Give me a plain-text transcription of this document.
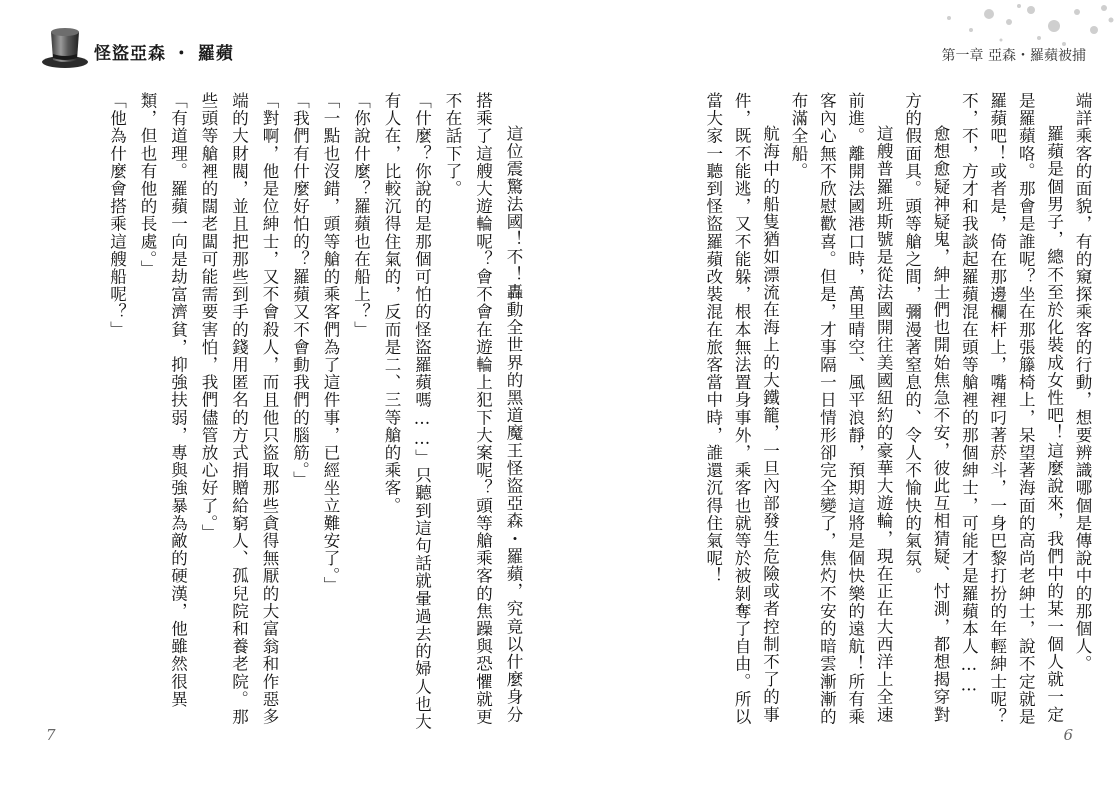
怪盜亞森 ・ 羅蘋

這位震驚法國！不！轟動全世界的黑道魔王怪盜亞森・羅蘋，究竟以什麼身分搭乘了這艘大遊輪呢？會不會在遊輪上犯下大案呢？頭等艙乘客的焦躁與恐懼就更不在話下了。

「什麼？你說的是那個可怕的怪盜羅蘋嗎……」只聽到這句話就暈過去的婦人也大有人在，比較沉得住氣的，反而是二、三等艙的乘客。

「你說什麼？羅蘋也在船上？」

「一點也沒錯，頭等艙的乘客們為了這件事，已經坐立難安了。」

「我們有什麼好怕的？羅蘋又不會動我們的腦筋。」

「對啊，他是位紳士，又不會殺人，而且他只盜取那些貪得無厭的大富翁和作惡多端的大財閥，並且把那些到手的錢用匿名的方式捐贈給窮人、孤兒院和養老院。那些頭等艙裡的闊老闆可能需要害怕，我們儘管放心好了。」

「有道理。羅蘋一向是劫富濟貧，抑強扶弱，專與強暴為敵的硬漢，他雖然很異類，但也有他的長處。」

「他為什麼會搭乘這艘船呢？」

7
第一章 亞森・羅蘋被捕

端詳乘客的面貌，有的窺探乘客的行動，想要辨識哪個是傳說中的那個人。

羅蘋是個男子，總不至於化裝成女性吧！這麼說來，我們中的某一個人就一定是羅蘋咯。那會是誰呢？坐在那張籐椅上，呆望著海面的高尚老紳士，說不定就是羅蘋吧！或者是，倚在那邊欄杆上，嘴裡叼著菸斗，一身巴黎打扮的年輕紳士呢？不，不，方才和我談起羅蘋混在頭等艙裡的那個紳士，可能才是羅蘋本人……

愈想愈疑神疑鬼，紳士們也開始焦急不安，彼此互相猜疑、忖測，都想揭穿對方的假面具。頭等艙之間，彌漫著窒息的、令人不愉快的氣氛。

這艘普羅班斯號是從法國開往美國紐約的豪華大遊輪，現在正在大西洋上全速前進。離開法國港口時，萬里晴空、風平浪靜，預期這將是個快樂的遠航！所有乘客內心無不欣慰歡喜。但是，才事隔一日情形卻完全變了，焦灼不安的暗雲漸漸的布滿全船。

航海中的船隻猶如漂流在海上的大鐵籠，一旦內部發生危險或者控制不了的事件，既不能逃，又不能躲，根本無法置身事外，乘客也就等於被剝奪了自由。所以當大家一聽到怪盜羅蘋改裝混在旅客當中時，誰還沉得住氣呢！

6
